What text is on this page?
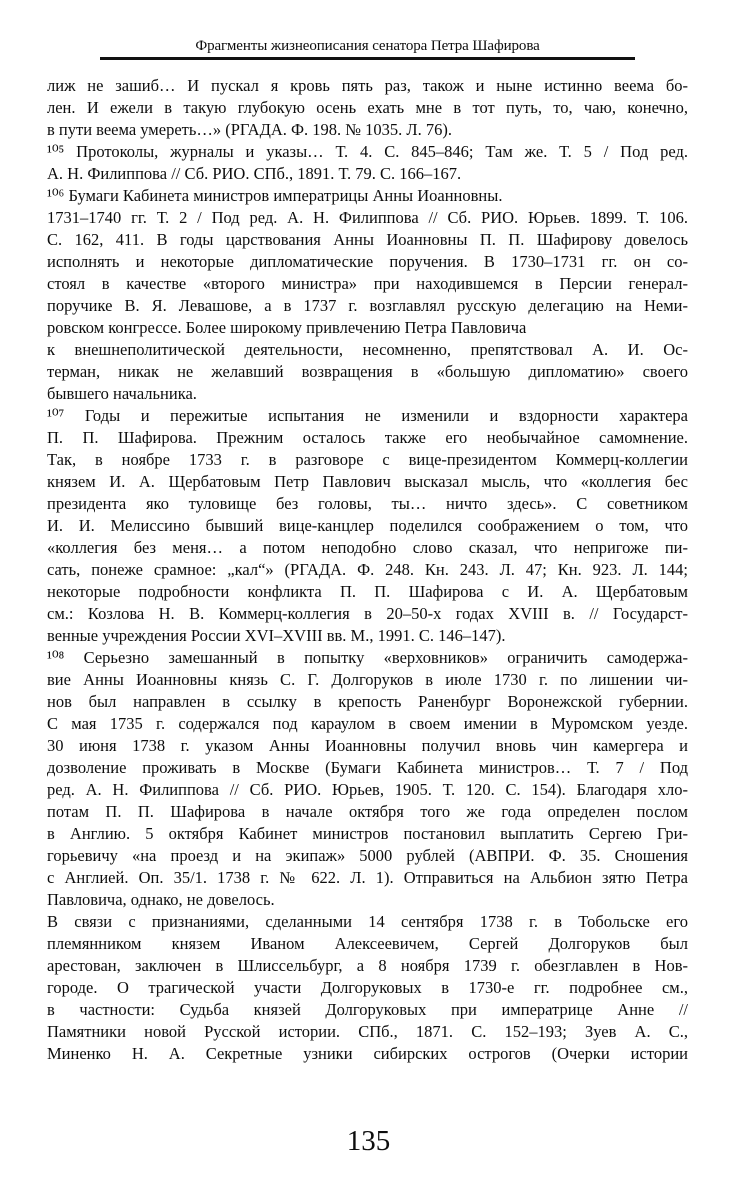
Фрагменты жизнеописания сенатора Петра Шафирова
лиж не зашиб… И пускал я кровь пять раз, також и ныне истинно веема бо-
лен. И ежели в такую глубокую осень ехать мне в тот путь, то, чаю, конечно,
в пути веема умереть…» (РГАДА. Ф. 198. № 1035. Л. 76).
¹⁰⁵ Протоколы, журналы и указы… Т. 4. С. 845–846; Там же. Т. 5 / Под ред.
А. Н. Филиппова // Сб. РИО. СПб., 1891. Т. 79. С. 166–167.
¹⁰⁶ Бумаги Кабинета министров императрицы Анны Иоанновны.
1731–1740 гг. Т. 2 / Под ред. А. Н. Филиппова // Сб. РИО. Юрьев. 1899. Т. 106.
С. 162, 411. В годы царствования Анны Иоанновны П. П. Шафирову довелось
исполнять и некоторые дипломатические поручения. В 1730–1731 гг. он со-
стоял в качестве «второго министра» при находившемся в Персии генерал-
поручике В. Я. Левашове, а в 1737 г. возглавлял русскую делегацию на Неми-
ровском конгрессе. Более широкому привлечению Петра Павловича
к внешнеполитической деятельности, несомненно, препятствовал А. И. Ос-
терман, никак не желавший возвращения в «большую дипломатию» своего
бывшего начальника.
¹⁰⁷ Годы и пережитые испытания не изменили и вздорности характера
П. П. Шафирова. Прежним осталось также его необычайное самомнение.
Так, в ноябре 1733 г. в разговоре с вице-президентом Коммерц-коллегии
князем И. А. Щербатовым Петр Павлович высказал мысль, что «коллегия бес
президента яко туловище без головы, ты… ничто здесь». С советником
И. И. Мелиссино бывший вице-канцлер поделился соображением о том, что
«коллегия без меня… а потом неподобно слово сказал, что непригоже пи-
сать, понеже срамное: „кал“» (РГАДА. Ф. 248. Кн. 243. Л. 47; Кн. 923. Л. 144;
некоторые подробности конфликта П. П. Шафирова с И. А. Щербатовым
см.: Козлова Н. В. Коммерц-коллегия в 20–50-х годах XVIII в. // Государст-
венные учреждения России XVI–XVIII вв. М., 1991. С. 146–147).
¹⁰⁸ Серьезно замешанный в попытку «верховников» ограничить самодержа-
вие Анны Иоанновны князь С. Г. Долгоруков в июле 1730 г. по лишении чи-
нов был направлен в ссылку в крепость Раненбург Воронежской губернии.
С мая 1735 г. содержался под караулом в своем имении в Муромском уезде.
30 июня 1738 г. указом Анны Иоанновны получил вновь чин камергера и
дозволение проживать в Москве (Бумаги Кабинета министров… Т. 7 / Под
ред. А. Н. Филиппова // Сб. РИО. Юрьев, 1905. Т. 120. С. 154). Благодаря хло-
потам П. П. Шафирова в начале октября того же года определен послом
в Англию. 5 октября Кабинет министров постановил выплатить Сергею Гри-
горьевичу «на проезд и на экипаж» 5000 рублей (АВПРИ. Ф. 35. Сношения
с Англией. Оп. 35/1. 1738 г. № 622. Л. 1). Отправиться на Альбион зятю Петра
Павловича, однако, не довелось.
В связи с признаниями, сделанными 14 сентября 1738 г. в Тобольске его
племянником князем Иваном Алексеевичем, Сергей Долгоруков был
арестован, заключен в Шлиссельбург, а 8 ноября 1739 г. обезглавлен в Нов-
городе. О трагической участи Долгоруковых в 1730-е гг. подробнее см.,
в частности: Судьба князей Долгоруковых при императрице Анне //
Памятники новой Русской истории. СПб., 1871. С. 152–193; Зуев А. С.,
Миненко Н. А. Секретные узники сибирских острогов (Очерки истории
135
